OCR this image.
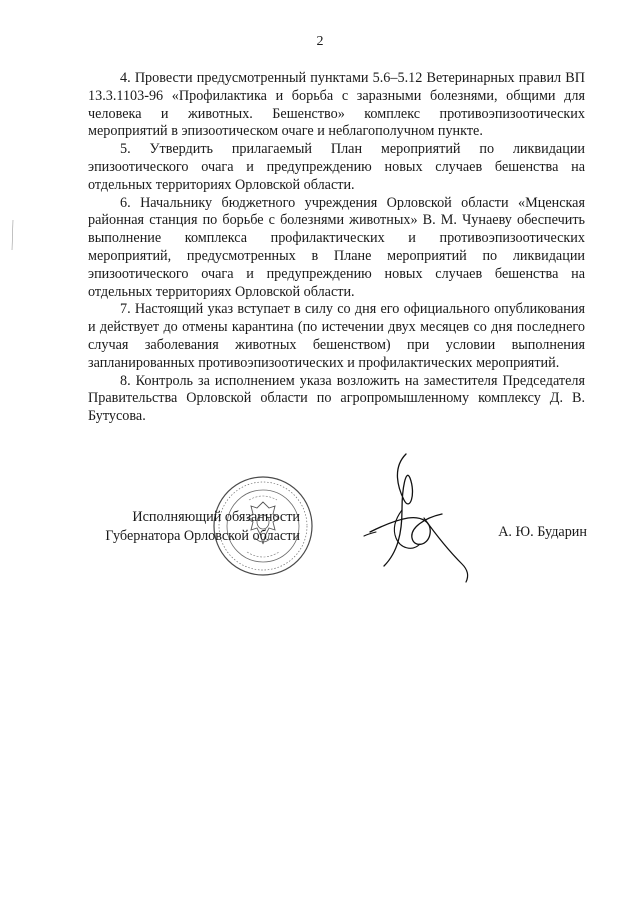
2

4. Провести предусмотренный пунктами 5.6–5.12 Ветеринарных правил ВП 13.3.1103-96 «Профилактика и борьба с заразными болезнями, общими для человека и животных. Бешенство» комплекс противоэпизоотических мероприятий в эпизоотическом очаге и неблагополучном пункте.

5. Утвердить прилагаемый План мероприятий по ликвидации эпизоотического очага и предупреждению новых случаев бешенства на отдельных территориях Орловской области.

6. Начальнику бюджетного учреждения Орловской области «Мценская районная станция по борьбе с болезнями животных» В. М. Чунаеву обеспечить выполнение комплекса профилактических и противоэпизоотических мероприятий, предусмотренных в Плане мероприятий по ликвидации эпизоотического очага и предупреждению новых случаев бешенства на отдельных территориях Орловской области.

7. Настоящий указ вступает в силу со дня его официального опубликования и действует до отмены карантина (по истечении двух месяцев со дня последнего случая заболевания животных бешенством) при условии выполнения запланированных противоэпизоотических и профилактических мероприятий.

8. Контроль за исполнением указа возложить на заместителя Председателя Правительства Орловской области по агропромышленному комплексу Д. В. Бутусова.

Исполняющий обязанности
Губернатора Орловской области	А. Ю. Бударин
